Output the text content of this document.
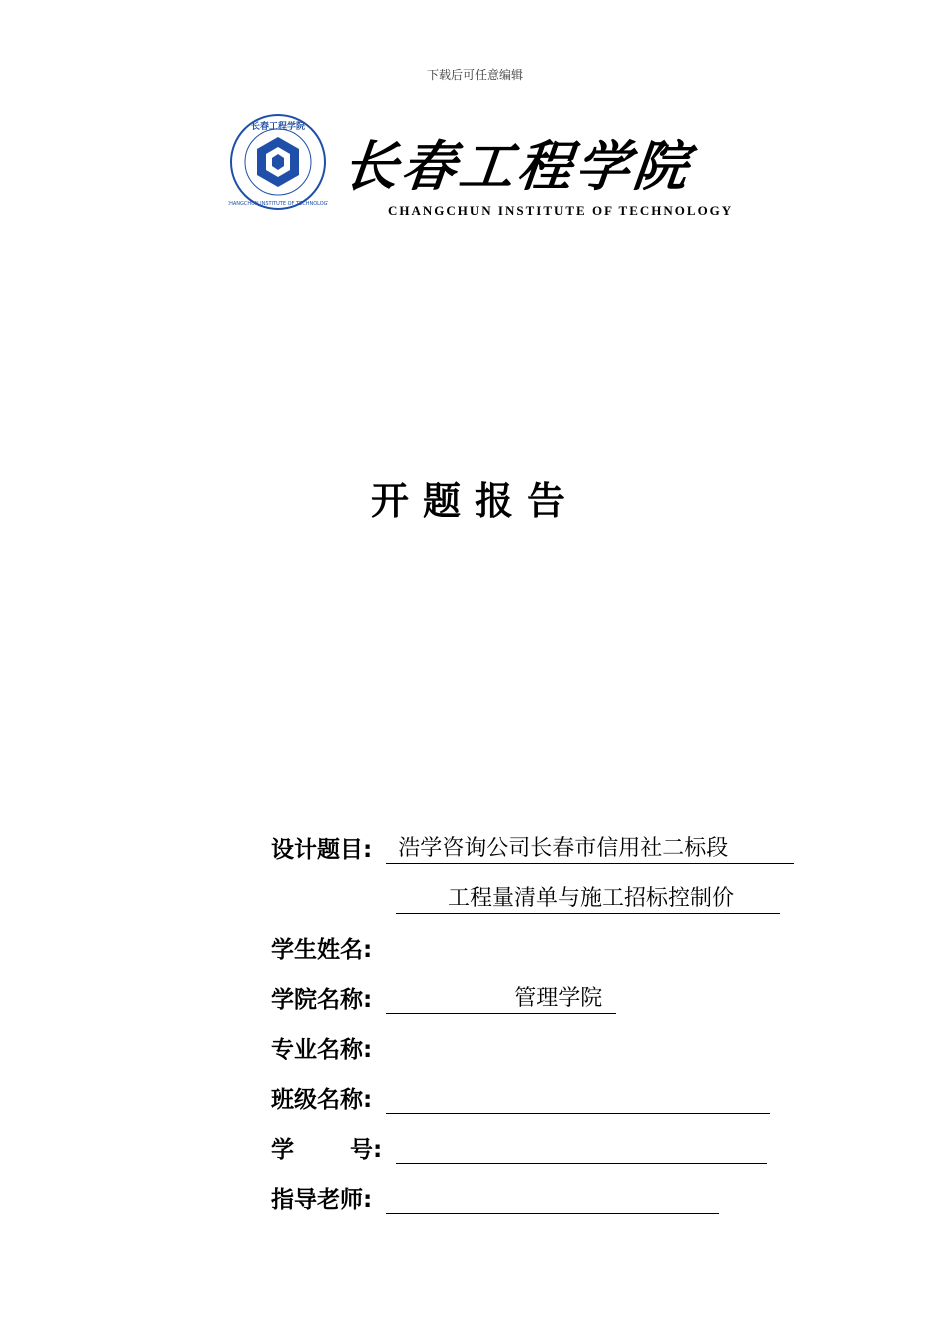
下载后可任意编辑
长春工程学院
CHANGCHUN INSTITUTE OF TECHNOLOGY
长春工程学院
CHANGCHUN INSTITUTE OF TECHNOLOGY
开题报告
设计题目:	浩学咨询公司长春市信用社二标段
工程量清单与施工招标控制价
学生姓名:
学院名称:	管理学院
专业名称:
班级名称:
学       号:
指导老师:
